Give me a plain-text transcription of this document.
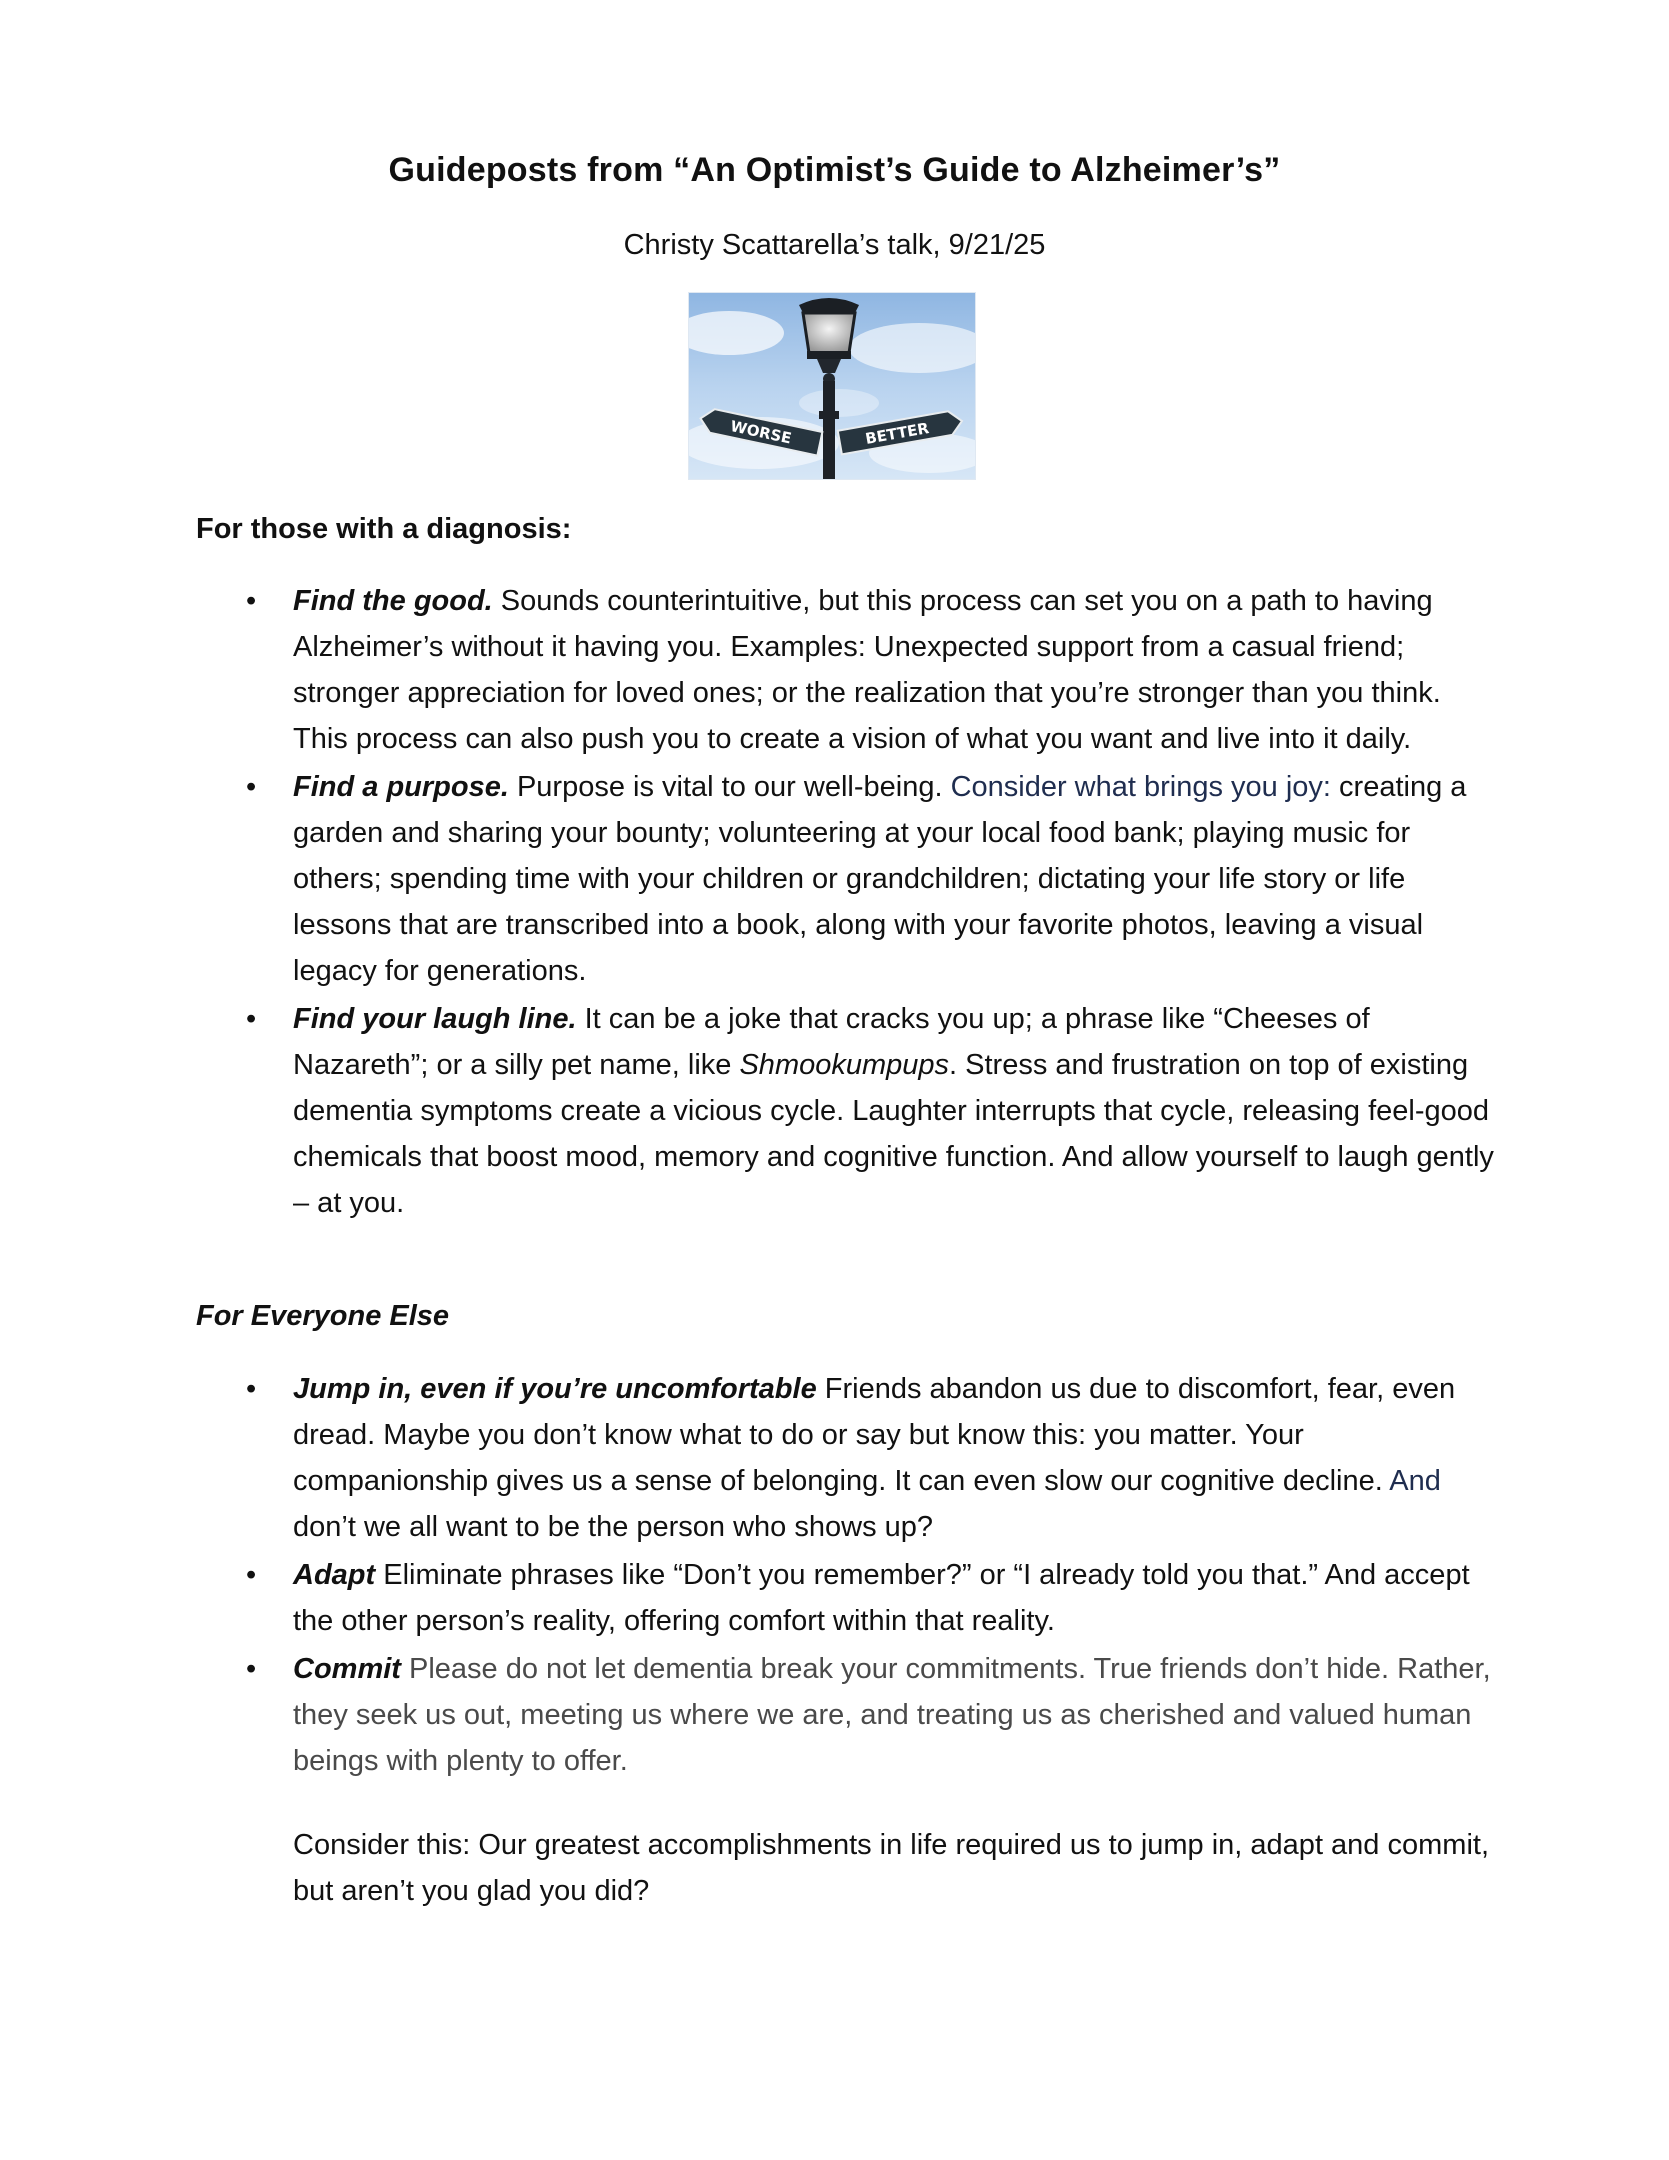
Guideposts from “An Optimist’s Guide to Alzheimer’s”
Christy Scattarella’s talk, 9/21/25
WORSE	BETTER
For those with a diagnosis:
• Find the good. Sounds counterintuitive, but this process can set you on a path to having Alzheimer’s without it having you. Examples: Unexpected support from a casual friend; stronger appreciation for loved ones; or the realization that you’re stronger than you think. This process can also push you to create a vision of what you want and live into it daily.
• Find a purpose. Purpose is vital to our well-being. Consider what brings you joy: creating a garden and sharing your bounty; volunteering at your local food bank; playing music for others; spending time with your children or grandchildren; dictating your life story or life lessons that are transcribed into a book, along with your favorite photos, leaving a visual legacy for generations.
• Find your laugh line. It can be a joke that cracks you up; a phrase like “Cheeses of Nazareth”; or a silly pet name, like Shmookumpups. Stress and frustration on top of existing dementia symptoms create a vicious cycle. Laughter interrupts that cycle, releasing feel-good chemicals that boost mood, memory and cognitive function. And allow yourself to laugh gently – at you.
For Everyone Else
• Jump in, even if you’re uncomfortable Friends abandon us due to discomfort, fear, even dread. Maybe you don’t know what to do or say but know this: you matter. Your companionship gives us a sense of belonging. It can even slow our cognitive decline. And don’t we all want to be the person who shows up?
• Adapt Eliminate phrases like “Don’t you remember?” or “I already told you that.” And accept the other person’s reality, offering comfort within that reality.
• Commit Please do not let dementia break your commitments. True friends don’t hide. Rather, they seek us out, meeting us where we are, and treating us as cherished and valued human beings with plenty to offer.
Consider this: Our greatest accomplishments in life required us to jump in, adapt and commit, but aren’t you glad you did?
